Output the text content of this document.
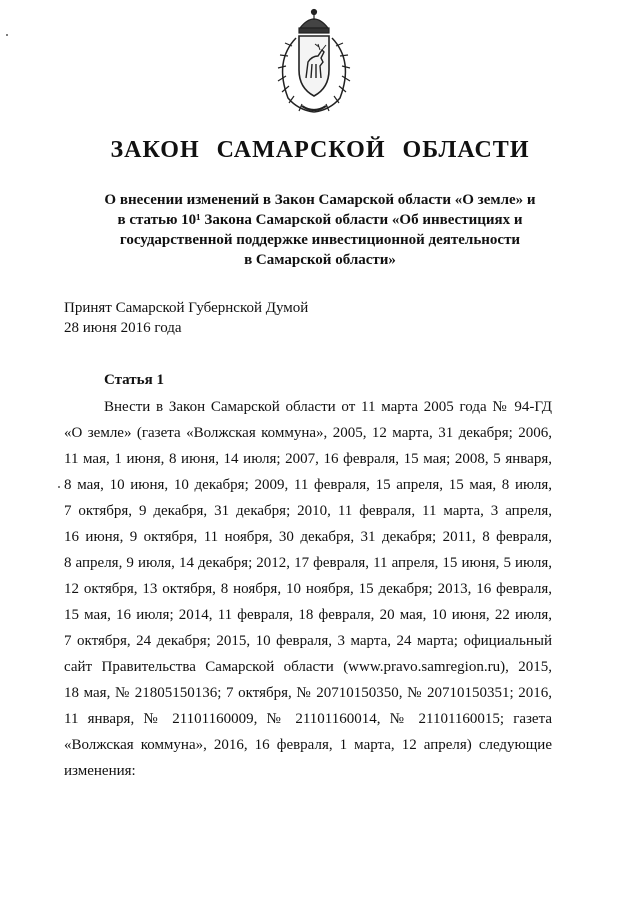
ЗАКОН САМАРСКОЙ ОБЛАСТИ
О внесении изменений в Закон Самарской области «О земле» и
в статью 10¹ Закона Самарской области «Об инвестициях и
государственной поддержке инвестиционной деятельности
в Самарской области»
Принят Самарской Губернской Думой
28 июня 2016 года
Статья 1
Внести в Закон Самарской области от 11 марта 2005 года № 94-ГД
«О земле» (газета «Волжская коммуна», 2005, 12 марта, 31 декабря; 2006,
11 мая, 1 июня, 8 июня, 14 июля; 2007, 16 февраля, 15 мая; 2008, 5 января,
8 мая, 10 июня, 10 декабря; 2009, 11 февраля, 15 апреля, 15 мая, 8 июля,
7 октября, 9 декабря, 31 декабря; 2010, 11 февраля, 11 марта, 3 апреля,
16 июня, 9 октября, 11 ноября, 30 декабря, 31 декабря; 2011, 8 февраля,
8 апреля, 9 июля, 14 декабря; 2012, 17 февраля, 11 апреля, 15 июня, 5 июля,
12 октября, 13 октября, 8 ноября, 10 ноября, 15 декабря; 2013, 16 февраля,
15 мая, 16 июля; 2014, 11 февраля, 18 февраля, 20 мая, 10 июня, 22 июля,
7 октября, 24 декабря; 2015, 10 февраля, 3 марта, 24 марта; официальный
сайт Правительства Самарской области (www.pravo.samregion.ru), 2015,
18 мая, № 21805150136; 7 октября, № 20710150350, № 20710150351; 2016,
11 января, № 21101160009, № 21101160014, № 21101160015; газета
«Волжская коммуна», 2016, 16 февраля, 1 марта, 12 апреля) следующие
изменения:
